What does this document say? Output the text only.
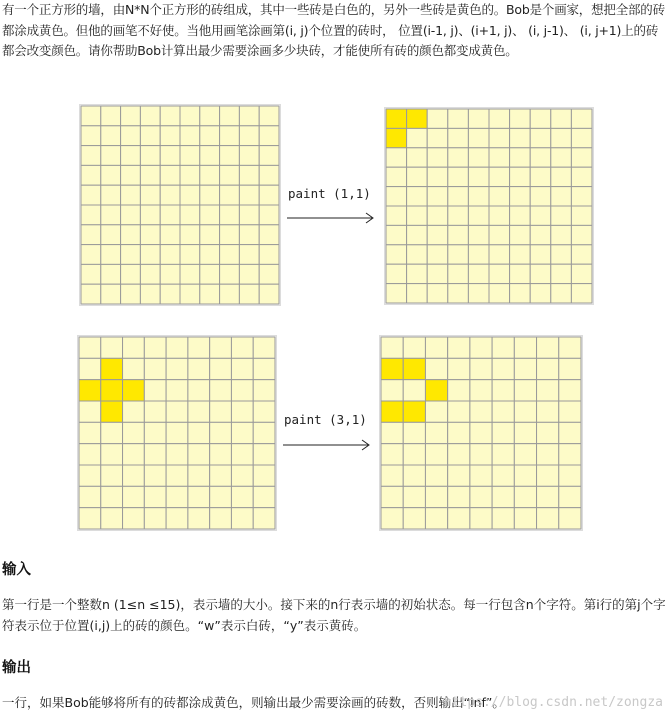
有一个正方形的墙，由N*N个正方形的砖组成，其中一些砖是白色的，另外一些砖是黄色的。Bob是个画家，想把全部的砖都涂成黄色。但他的画笔不好使。当他用画笔涂画第(i, j)个位置的砖时， 位置(i-1, j)、(i+1, j)、 (i, j-1)、 (i, j+1)上的砖都会改变颜色。请你帮助Bob计算出最少需要涂画多少块砖，才能使所有砖的颜色都变成黄色。

paint (1,1)
paint (3,1)
输入

第一行是一个整数n (1≤n ≤15)，表示墙的大小。接下来的n行表示墙的初始状态。每一行包含n个字符。第i行的第j个字符表示位于位置(i,j)上的砖的颜色。“w”表示白砖，“y”表示黄砖。

输出

一行，如果Bob能够将所有的砖都涂成黄色，则输出最少需要涂画的砖数，否则输出“inf”。

https://blog.csdn.net/zongza
